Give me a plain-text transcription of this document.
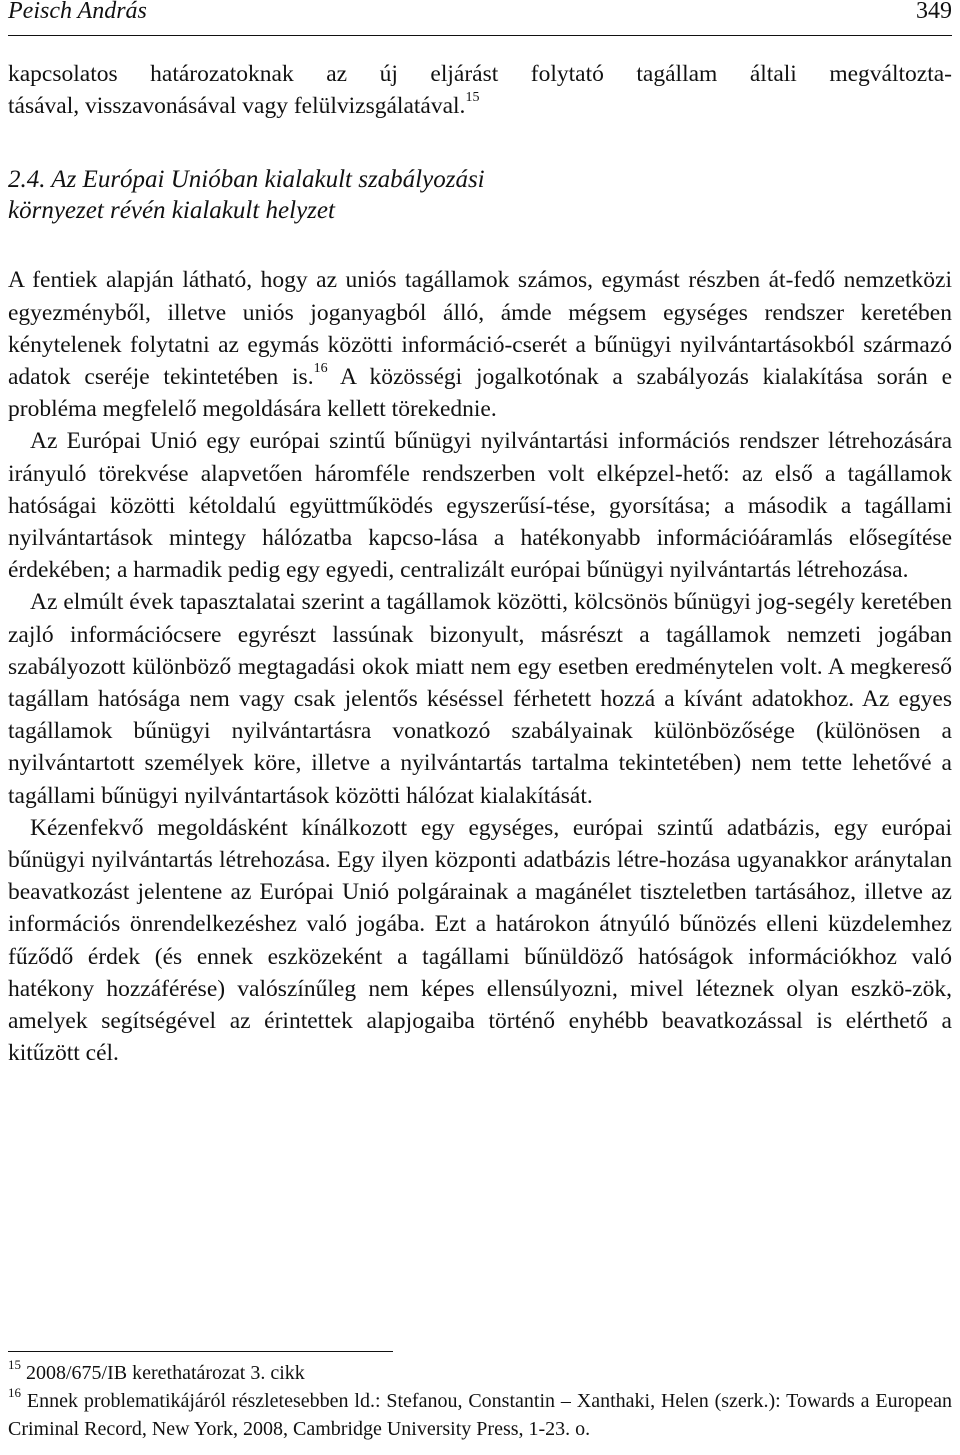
Peisch András	349

kapcsolatos határozatoknak az új eljárást folytató tagállam általi megváltozta-
tásával, visszavonásával vagy felülvizsgálatával.$^{15}$

2.4. Az Európai Unióban kialakult szabályozási
környezet révén kialakult helyzet

A fentiek alapján látható, hogy az uniós tagállamok számos, egymást részben át-fedő nemzetközi egyezményből, illetve uniós joganyagból álló, ámde mégsem egységes rendszer keretében kénytelenek folytatni az egymás közötti információ-cserét a bűnügyi nyilvántartásokból származó adatok cseréje tekintetében is.$^{16}$ A közösségi jogalkotónak a szabályozás kialakítása során e probléma megfelelő megoldására kellett törekednie.

Az Európai Unió egy európai szintű bűnügyi nyilvántartási információs rendszer létrehozására irányuló törekvése alapvetően háromféle rendszerben volt elképzel-hető: az első a tagállamok hatóságai közötti kétoldalú együttműködés egyszerűsí-tése, gyorsítása; a második a tagállami nyilvántartások mintegy hálózatba kapcso-lása a hatékonyabb információáramlás elősegítése érdekében; a harmadik pedig egy egyedi, centralizált európai bűnügyi nyilvántartás létrehozása.

Az elmúlt évek tapasztalatai szerint a tagállamok közötti, kölcsönös bűnügyi jog-segély keretében zajló információcsere egyrészt lassúnak bizonyult, másrészt a tagállamok nemzeti jogában szabályozott különböző megtagadási okok miatt nem egy esetben eredménytelen volt. A megkereső tagállam hatósága nem vagy csak jelentős késéssel férhetett hozzá a kívánt adatokhoz. Az egyes tagállamok bűnügyi nyilvántartásra vonatkozó szabályainak különbözősége (különösen a nyilvántartott személyek köre, illetve a nyilvántartás tartalma tekintetében) nem tette lehetővé a tagállami bűnügyi nyilvántartások közötti hálózat kialakítását.

Kézenfekvő megoldásként kínálkozott egy egységes, európai szintű adatbázis, egy európai bűnügyi nyilvántartás létrehozása. Egy ilyen központi adatbázis létre-hozása ugyanakkor aránytalan beavatkozást jelentene az Európai Unió polgárainak a magánélet tiszteletben tartásához, illetve az információs önrendelkezéshez való jogába. Ezt a határokon átnyúló bűnözés elleni küzdelemhez fűződő érdek (és ennek eszközeként a tagállami bűnüldöző hatóságok információkhoz való hatékony hozzáférése) valószínűleg nem képes ellensúlyozni, mivel léteznek olyan eszkö-zök, amelyek segítségével az érintettek alapjogaiba történő enyhébb beavatkozással is elérthető a kitűzött cél.

$^{15}$ 2008/675/IB kerethatározat 3. cikk
$^{16}$ Ennek problematikájáról részletesebben ld.: Stefanou, Constantin – Xanthaki, Helen (szerk.): Towards a European Criminal Record, New York, 2008, Cambridge University Press, 1-23. o.
